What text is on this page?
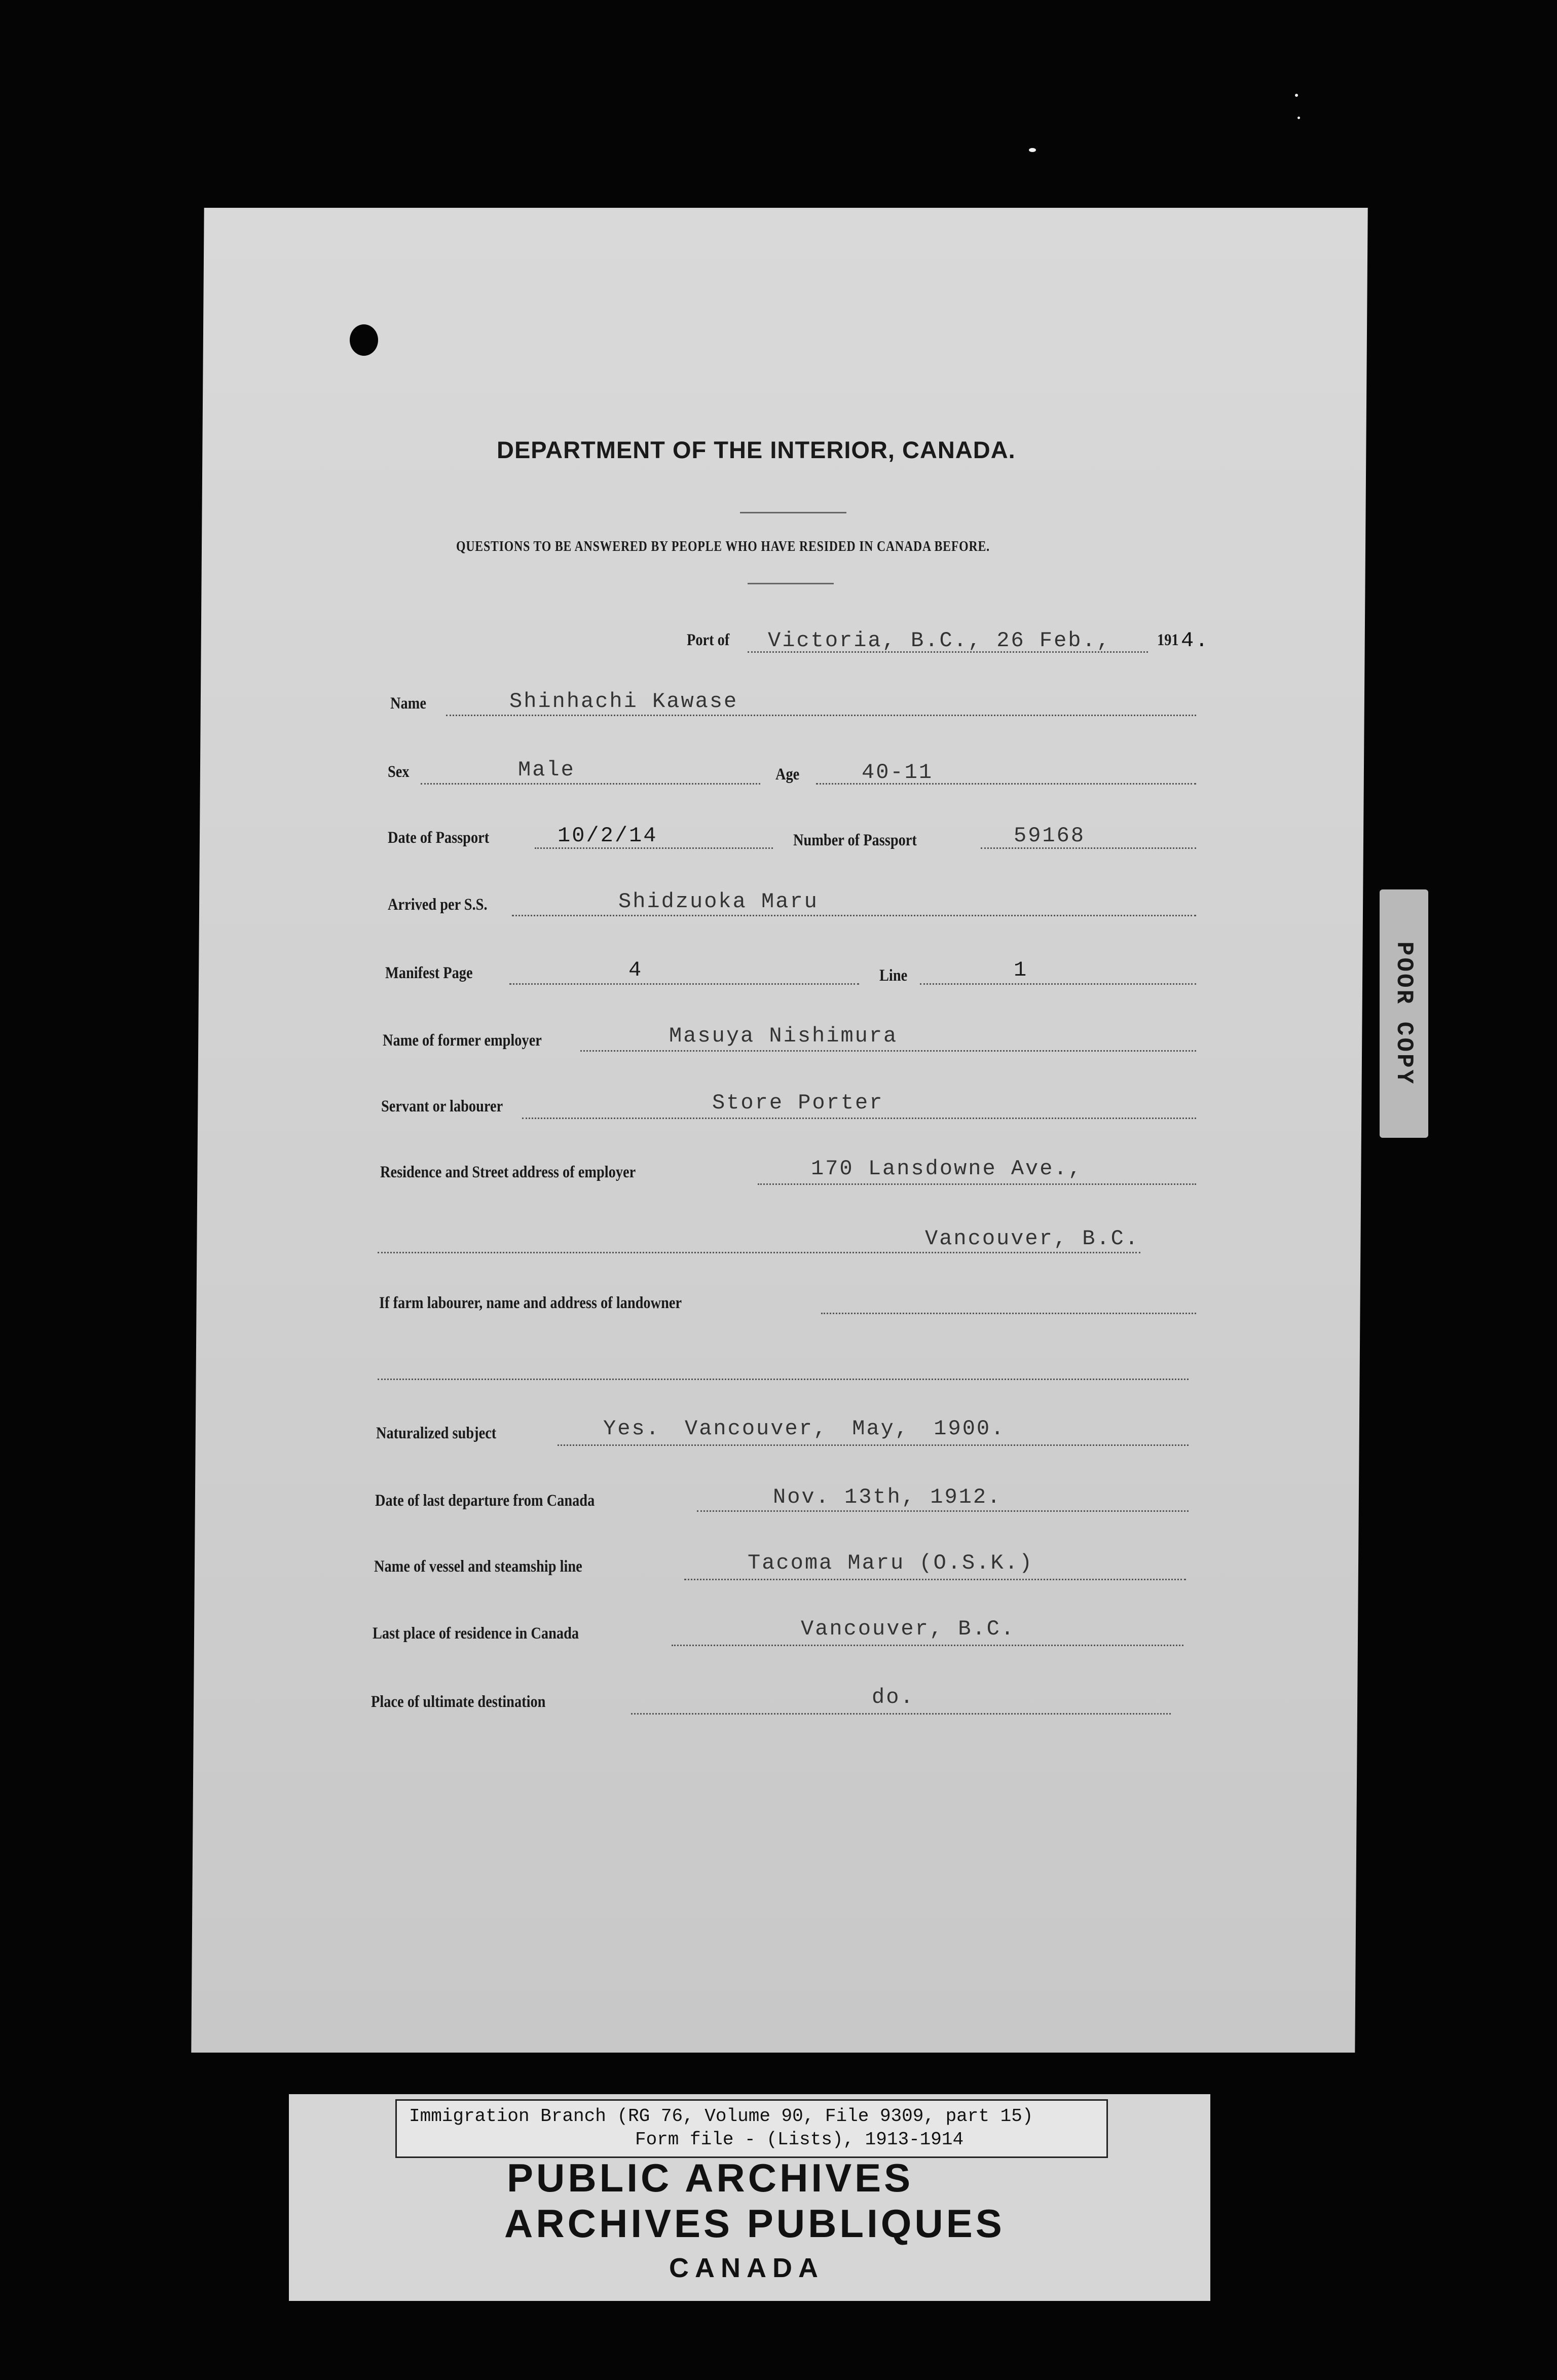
DEPARTMENT OF THE INTERIOR, CANADA.
QUESTIONS TO BE ANSWERED BY PEOPLE WHO HAVE RESIDED IN CANADA BEFORE.
Port of Victoria, B.C., 26 Feb.,	191 4.
Name	Shinhachi Kawase
Sex	Male	Age	40-11
Date of Passport	10/2/14	Number of Passport	59168
Arrived per S.S.	Shidzuoka Maru
Manifest Page	4	Line	1
Name of former employer	Masuya Nishimura
Servant or labourer	Store Porter
Residence and Street address of employer	170 Lansdowne Ave.,
Vancouver, B.C.
If farm labourer, name and address of landowner
Naturalized subject	Yes. Vancouver, May, 1900.
Date of last departure from Canada	Nov. 13th, 1912.
Name of vessel and steamship line	Tacoma Maru (O.S.K.)
Last place of residence in Canada	Vancouver, B.C.
Place of ultimate destination	do.
POOR COPY
Immigration Branch (RG 76, Volume 90, File 9309, part 15)
Form file - (Lists), 1913-1914
PUBLIC ARCHIVES
ARCHIVES PUBLIQUES
CANADA
